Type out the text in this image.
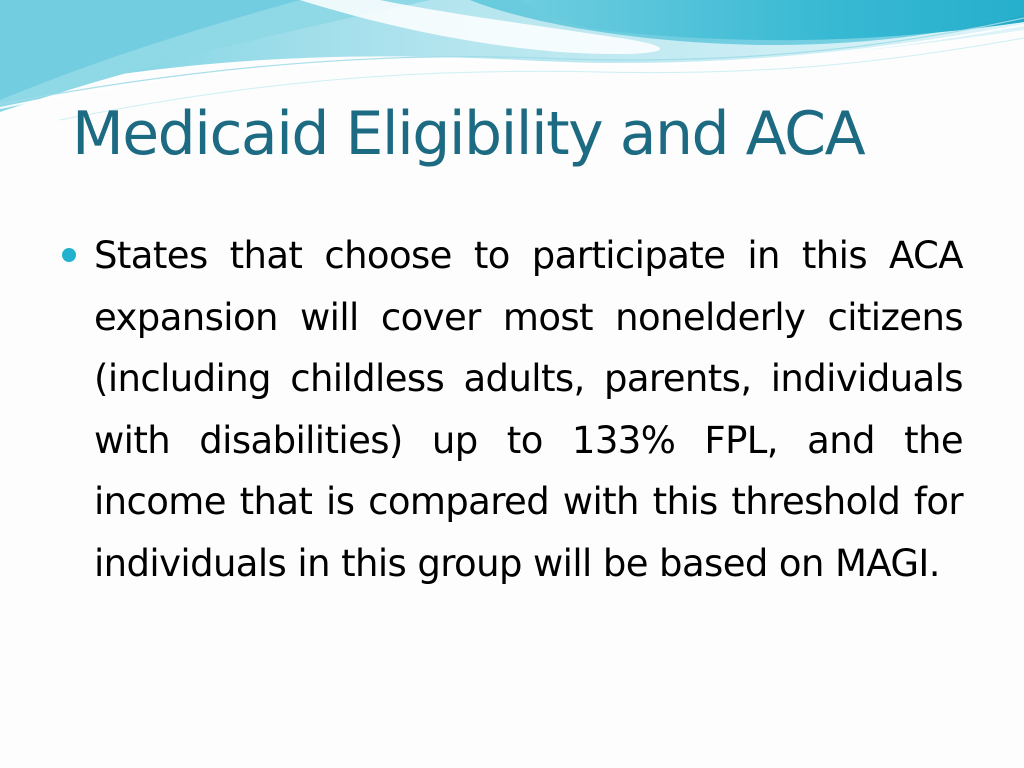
Medicaid Eligibility and ACA

States that choose to participate in this ACA expansion will cover most nonelderly citizens (including childless adults, parents, individuals with disabilities) up to 133% FPL, and the income that is compared with this threshold for individuals in this group will be based on MAGI.
